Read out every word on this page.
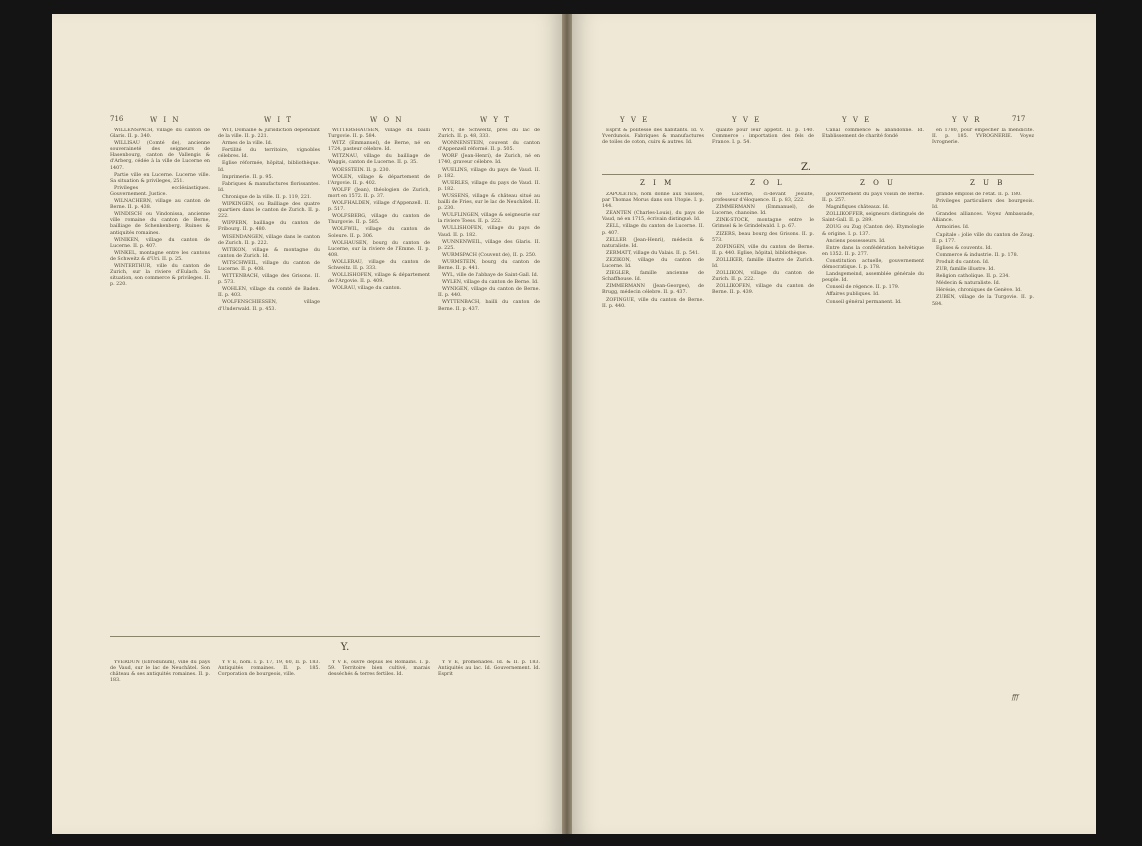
716	W I N	W I T	W O N	W Y T

WILLENSPACH, village du canton de Glaris. II. p. 340.

WILLISAU (Comté de), ancienne souveraineté des seigneurs de Hasenbourg, canton de Vallengis & d'Arberg, cédée à la ville de Lucerne en 1407.

Partie ville en Lucerne. Lucerne ville. Sa situation & privileges, 251.

Privileges ecclésiastiques. Gouvernement. Justice.

WILNACHERN, village au canton de Berne. II. p. 438.

WINDISCH ou Vindonissa, ancienne ville romaine du canton de Berne, bailliage de Schenkenberg. Ruines & antiquités romaines.

WINIKEN, village du canton de Lucerne. II. p. 407.

WINKEL, montagne entre les cantons de Schweitz & d'Uri. II. p. 25.

WINTERTHUR, ville du canton de Zurich, sur la riviere d'Eulach. Sa situation, son commerce & privileges. II. p. 220.

WIT, Domaine & jurisdiction dépendant de la ville. II. p. 221.

Armes de la ville. Id.

Fertilité du territoire, vignobles célebres. Id.

Eglise réformée, hôpital, bibliothèque. Id.

Imprimerie. II. p. 95.

Fabriques & manufactures florissantes. Id.

Chronique de la ville. II. p. 119, 221.

WIPKINGEN, ou Bailliage des quatre quartiers dans le canton de Zurich. II. p. 222.

WIPPERN, bailliage du canton de Fribourg. II. p. 480.

WISENDANGEN, village dans le canton de Zurich. II. p. 222.

WITIKON, village & montagne du canton de Zurich. Id.

WITSCHWEIL, village du canton de Lucerne. II. p. 408.

WITTENBACH, village des Grisons. II. p. 573.

WOHLEN, village du comté de Baden. II. p. 403.

WOLFENSCHIESSEN, village d'Underwald. II. p. 453.

WITTERSHAUSEN, village du bailli Turgovie. II. p. 584.

WITZ (Emmanuel), de Berne, né en 1724, pasteur célebre. Id.

WITZNAU, village du bailliage de Waggis, canton de Lucerne. II. p. 35.

WOESSTEIN. II. p. 230.

WOLEN, village & département de l'Argovie. II. p. 402.

WOLFF (Jean), théologien de Zurich, mort en 1572. II. p. 37.

WOLFHALDEN, village d'Appenzell. II. p. 517.

WOLFSBERG, village du canton de Thurgovie. II. p. 585.

WOLFWIL, village du canton de Soleure. II. p. 306.

WOLHAUSEN, bourg du canton de Lucerne, sur la riviere de l'Emme. II. p. 408.

WOLLERAU, village du canton de Schweitz. II. p. 333.

WOLLISHOFEN, village & département de l'Argovie. II. p. 409.

WOLRAU, village du canton.

WYT, de Schweitz, près du lac de Zurich. II. p. 48, 333.

WONNENSTEIN, couvent du canton d'Appenzell réformé. II. p. 505.

WORF (Jean-Henri), de Zurich, né en 1740, graveur célebre. Id.

WUELINS, village du pays de Vaud. II. p. 182.

WUERLES, village du pays de Vaud. II. p. 182.

WUSSENS, village & château situé au bailli de Fries, sur le lac de Neuchâtel. II. p. 230.

WULFLINGEN, village & seigneurie sur la riviere Toess. II. p. 222.

WULLISHOFEN, village du pays de Vaud. II. p. 182.

WUNNENWEIL, village des Glaris. II. p. 225.

WURMSPACH (Couvent de), II. p. 250.

WURMSTEIN, bourg du canton de Berne. II. p. 441.

WYL, ville de l'abbaye de Saint-Gall. Id.

WYLEN, village du canton de Berne. Id.

WYNIGEN, village du canton de Berne. II. p. 440.

WYTTENBACH, bailli du canton de Berne. II. p. 437.

Y.

YVERDUN (Ebrodunum), ville du pays de Vaud, sur le lac de Neuchâtel. Son château & ses antiquités romaines. II. p. 183.

Y V E, nom. I. p. 17, 19, 60, II. p. 183. Antiquités romaines. II. p. 185. Corporation de bourgeois, ville.

Y V E, ouvre depuis les Romains. I. p. 59. Territoire bien cultivé, marais desséchés & terres fertiles. Id.

Y V E, promenades. Id. & II. p. 183. Antiquités au lac. Id. Gouvernement. Id. Esprit

Y V E	Y V E	Y V E	Y V R	717

Esprit & politesse des habitants. Id. V. Yverdunois. Fabriques & manufactures de toiles de coton, cuirs & autres. Id.

qualité pour leur appétit. II. p. 140. Commerce : importation des fels de France. I. p. 54.

Canal commencé & abandonné. Id. Etablissement de charité fondé

en 1780, pour empêcher la mendicité. II. p. 185. YVROGNERIE. Voyez Ivrognerie.

Z.
Z I M	Z O L	Z O U	Z U B

ZAPOLETES, nom donné aux Suisses, par Thomas Morus dans son Utopie. I. p. 144.

ZEANTEN (Charles-Louis), du pays de Vaud, né en 1715, écrivain distingué. Id.

ZELL, village du canton de Lucerne. II. p. 407.

ZELLER (Jean-Henri), médecin & naturaliste. Id.

ZERMATT, village du Valais. II. p. 541.

ZEZIKON, village du canton de Lucerne. Id.

ZIEGLER, famille ancienne de Schaffhouse. Id.

ZIMMERMANN (Jean-Georges), de Brugg, médecin célebre. II. p. 437.

ZOFINGUE, ville du canton de Berne. II. p. 440.

de Lucerne, ci-devant Jésuite, professeur d'éloquence. II. p. 83, 222.

ZIMMERMANN (Emmanuel), de Lucerne, chanoine. Id.

ZINK-STOCK, montagne entre le Grimsel & le Grindelwald. I. p. 67.

ZIZERS, beau bourg des Grisons. II. p. 573.

ZOFINGEN, ville du canton de Berne. II. p. 440. Eglise, hôpital, bibliothèque.

ZOLLIKER, famille illustre de Zurich. Id.

ZOLLIKON, village du canton de Zurich. II. p. 222.

ZOLLIKOFEN, village du canton de Berne. II. p. 439.

gouvernement du pays voisin de Berne. II. p. 257.

Magnifiques châteaux. Id.

ZOLLIKOFFER, seigneurs distingués de Saint-Gall. II. p. 289.

ZOUG ou Zug (Canton de). Etymologie & origine. I. p. 137.

Anciens possesseurs. Id.

Entre dans la confédération helvétique en 1352. II. p. 277.

Constitution actuelle, gouvernement démocratique. I. p. 178.

Landsgemeind, assemblée générale du peuple. Id.

Conseil de régence. II. p. 179.

Affaires publiques. Id.

Conseil général permanent. Id.

grande emplois de l'état. II. p. 180.

Privileges particuliers des bourgeois. Id.

Grandes alliances. Voyez Ambassade, Alliance.

Armoiries. Id.

Capitale : jolie ville du canton de Zoug. II. p. 177.

Eglises & couvents. Id.

Commerce & industrie. II. p. 178.

Produit du canton. Id.

ZUB, famille illustre. Id.

Religion catholique. II. p. 234.

Médecin & naturaliste. Id.

Hérésie, chroniques de Genève. Id.

ZUBEN, village de la Turgovie. II. p. 584.

fff
